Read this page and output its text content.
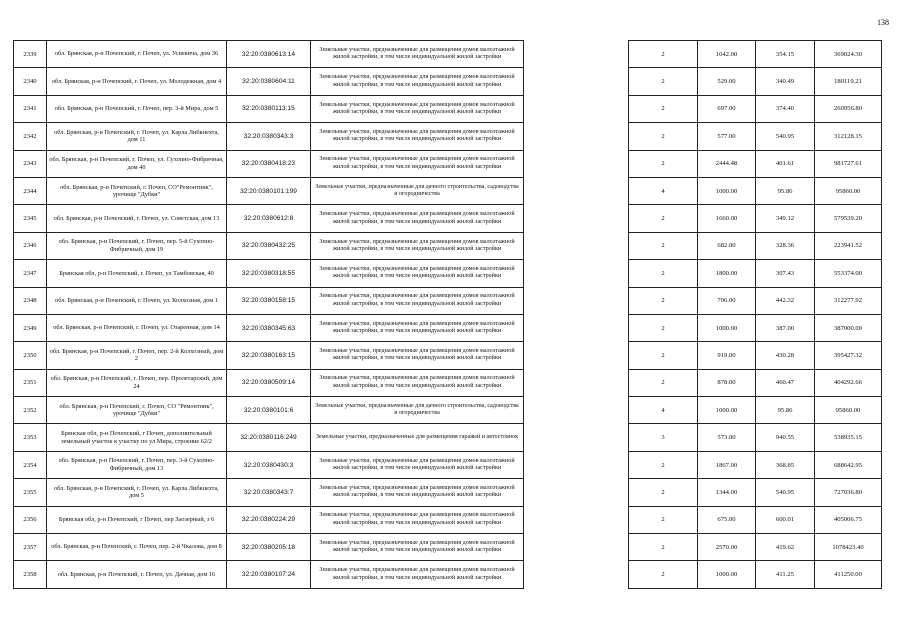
138
2339	обл. Брянская, р-н Почепский, г. Почеп, ул. Усиевича, дом 36	32:20:0380613:14	Земельные участки, предназначенные для размещения домов малоэтажной жилой застройки, в том числе индивидуальной жилой застройки		2	1042.00	354.15	369024.30
2340	обл. Брянская, р-н Почепский, г. Почеп, ул. Молодежная, дом 4	32:20:0380604:11	Земельные участки, предназначенные для размещения домов малоэтажной жилой застройки, в том числе индивидуальной жилой застройки		2	529.00	340.49	180119.21
2341	обл. Брянская, р-н Почепский, г. Почеп, пер. 3-й Мира, дом 5	32:20:0380113:15	Земельные участки, предназначенные для размещения домов малоэтажной жилой застройки, в том числе индивидуальной жилой застройки		2	697.00	374.40	260956.80
2342	обл. Брянская, р-н Почепский, г. Почеп, ул. Карла Либкнехта, дом 11	32:20:0380343:3	Земельные участки, предназначенные для размещения домов малоэтажной жилой застройки, в том числе индивидуальной жилой застройки		2	577.00	540.95	312128.15
2343	обл. Брянская, р-н Почепский, г. Почеп, ул. Сухопно-Фибричная, дом 40	32:20:0380418:23	Земельные участки, предназначенные для размещения домов малоэтажной жилой застройки, в том числе индивидуальной жилой застройки		2	2444.48	401.61	981727.61
2344	обл. Брянская, р-н Почепский, г. Почеп, СО"Ремонтник", урочище "Дубки"	32:20:0380101:199	Земельные участки, предназначенные для дачного строительства, садоводства и огородничества		4	1000.00	95.86	95860.00
2345	обл. Брянская, р-н Почепский, г. Почеп, ул. Советская, дом 13	32:20:0380612:8	Земельные участки, предназначенные для размещения домов малоэтажной жилой застройки, в том числе индивидуальной жилой застройки		2	1660.00	349.12	579539.20
2346	обл. Брянская, р-н Почепский, г. Почеп, пер. 5-й Сухопно-Фибричный, дом 19	32:20:0380432:25	Земельные участки, предназначенные для размещения домов малоэтажной жилой застройки, в том числе индивидуальной жилой застройки		2	682.00	328.36	223941.52
2347	Брянская обл, р-н Почепский, г. Почеп, ул Тамбовская, 40	32:20:0380318:55	Земельные участки, предназначенные для размещения домов малоэтажной жилой застройки, в том числе индивидуальной жилой застройки		2	1800.00	307.43	553374.00
2348	обл. Брянская, р-н Почепский, г. Почеп, ул. Колхозная, дом 1	32:20:0380158:15	Земельные участки, предназначенные для размещения домов малоэтажной жилой застройки, в том числе индивидуальной жилой застройки		2	706.00	442.32	312277.92
2349	обл. Брянская, р-н Почепский, г. Почеп, ул. Озаренная, дом 14	32:20:0380345:63	Земельные участки, предназначенные для размещения домов малоэтажной жилой застройки, в том числе индивидуальной жилой застройки		2	1000.00	387.00	387000.00
2350	обл. Брянская, р-н Почепский, г. Почеп, пер. 2-й Колхозный, дом 2	32:20:0380163:15	Земельные участки, предназначенные для размещения домов малоэтажной жилой застройки, в том числе индивидуальной жилой застройки		2	919.00	430.28	395427.32
2351	обл. Брянская, р-н Почепский, г. Почеп, пер. Пролетарский, дом 24	32:20:0380509:14	Земельные участки, предназначенные для размещения домов малоэтажной жилой застройки, в том числе индивидуальной жилой застройки		2	878.00	460.47	404292.66
2352	обл. Брянская, р-н Почепский, г. Почеп, СО "Ремонтник", урочище "Дубки"	32:20:0380101:6	Земельные участки, предназначенные для дачного строительства, садоводства и огородничества		4	1000.00	95.86	95860.00
2353	Брянская обл, р-н Почепский, г Почеп, дополнительный земельный участок к участку по ул Мира, строение 62/2	32:20:0380116:249	Земельные участки, предназначенные для размещения гаражей и автостоянок		3	573.00	940.55	538935.15
2354	обл. Брянская, р-н Почепский, г. Почеп, пер. 3-й Сухопно-Фибричный, дом 13	32:20:0380430:3	Земельные участки, предназначенные для размещения домов малоэтажной жилой застройки, в том числе индивидуальной жилой застройки		2	1867.00	368.85	688642.95
2355	обл. Брянская, р-н Почепский, г. Почеп, ул. Карла Либкнехта, дом 5	32:20:0380343:7	Земельные участки, предназначенные для размещения домов малоэтажной жилой застройки, в том числе индивидуальной жилой застройки		2	1344.00	540.95	727036.80
2356	Брянская обл, р-н Почепский, г Почеп, пер Заозерный, з 6	32:20:0380224:29	Земельные участки, предназначенные для размещения домов малоэтажной жилой застройки, в том числе индивидуальной жилой застройки		2	675.00	600.01	405006.75
2357	обл. Брянская, р-н Почепский, г. Почеп, пер. 2-й Чкалова, дом 8	32:20:0380205:18	Земельные участки, предназначенные для размещения домов малоэтажной жилой застройки, в том числе индивидуальной жилой застройки		2	2570.00	419.62	1078423.40
2358	обл. Брянская, р-н Почепский, г. Почеп, ул. Дачная, дом 16	32:20:0380107:24	Земельные участки, предназначенные для размещения домов малоэтажной жилой застройки, в том числе индивидуальной жилой застройки		2	1000.00	411.25	411250.00
